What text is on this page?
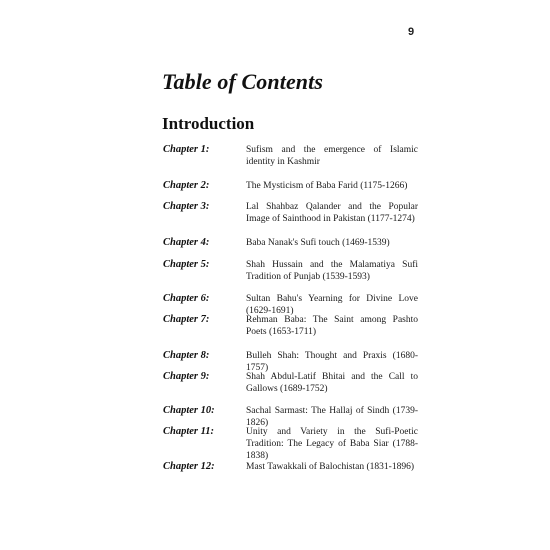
9
Table of Contents
Introduction
Chapter 1:	Sufism and the emergence of Islamic identity in Kashmir
Chapter 2:	The Mysticism of Baba Farid (1175-1266)
Chapter 3:	Lal Shahbaz Qalander and the Popular Image of Sainthood in Pakistan (1177-1274)
Chapter 4:	Baba Nanak's Sufi touch (1469-1539)
Chapter 5:	Shah Hussain and the Malamatiya Sufi Tradition of Punjab (1539-1593)
Chapter 6:	Sultan Bahu's Yearning for Divine Love (1629-1691)
Chapter 7:	Rehman Baba: The Saint among Pashto Poets (1653-1711)
Chapter 8:	Bulleh Shah: Thought and Praxis (1680-1757)
Chapter 9:	Shah Abdul-Latif Bhitai and the Call to Gallows (1689-1752)
Chapter 10:	Sachal Sarmast: The Hallaj of Sindh (1739-1826)
Chapter 11:	Unity and Variety in the Sufi-Poetic Tradition: The Legacy of Baba Siar (1788-1838)
Chapter 12:	Mast Tawakkali of Balochistan (1831-1896)
